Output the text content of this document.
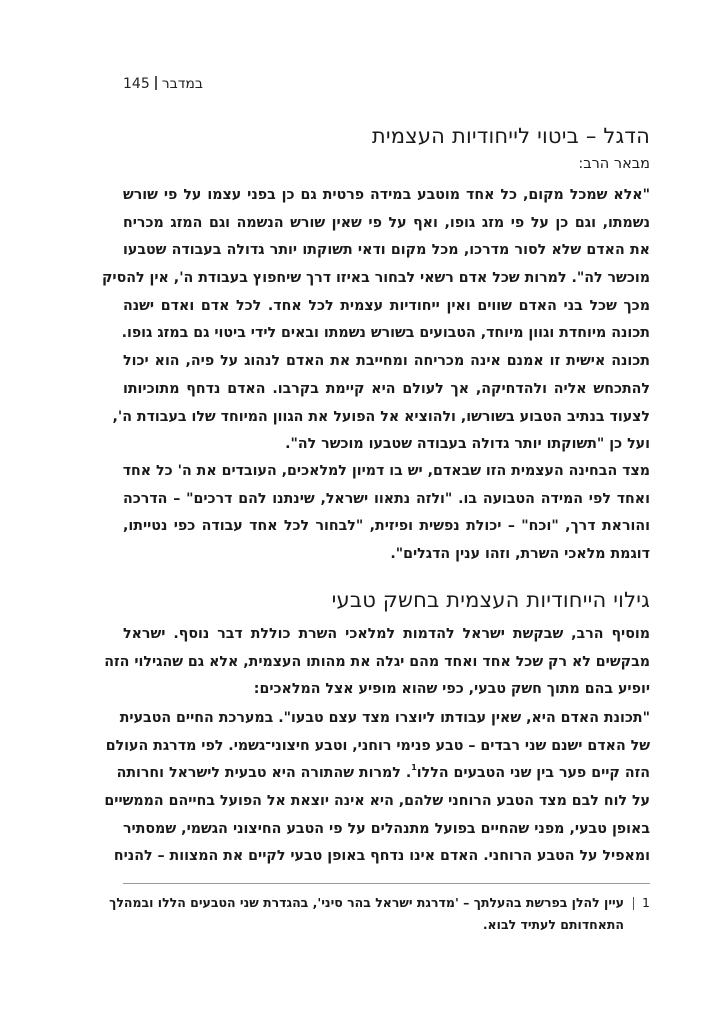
145 במדבר
הדגל – ביטוי לייחודיות העצמית
מבאר הרב:
"אלא שמכל מקום, כל אחד מוטבע במידה פרטית גם כן בפני עצמו על פי שורש
נשמתו, וגם כן על פי מזג גופו, ואף על פי שאין שורש הנשמה וגם המזג מכריח
את האדם שלא לסור מדרכו, מכל מקום ודאי תשוקתו יותר גדולה בעבודה שטבעו
מוכשר לה". למרות שכל אדם רשאי לבחור באיזו דרך שיחפוץ בעבודת ה', אין להסיק
מכך שכל בני האדם שווים ואין ייחודיות עצמית לכל אחד. לכל אדם ואדם ישנה
תכונה מיוחדת וגוון מיוחד, הטבועים בשורש נשמתו ובאים לידי ביטוי גם במזג גופו.
תכונה אישית זו אמנם אינה מכריחה ומחייבת את האדם לנהוג על פיה, הוא יכול
להתכחש אליה ולהדחיקה, אך לעולם היא קיימת בקרבו. האדם נדחף מתוכיותו
לצעוד בנתיב הטבוע בשורשו, ולהוציא אל הפועל את הגוון המיוחד שלו בעבודת ה',
ועל כן "תשוקתו יותר גדולה בעבודה שטבעו מוכשר לה".
מצד הבחינה העצמית הזו שבאדם, יש בו דמיון למלאכים, העובדים את ה' כל אחד
ואחד לפי המידה הטבועה בו. "ולזה נתאוו ישראל, שינתנו להם דרכים" – הדרכה
והוראת דרך, "וכח" – יכולת נפשית ופיזית, "לבחור לכל אחד עבודה כפי נטייתו,
דוגמת מלאכי השרת, וזהו ענין הדגלים".
גילוי הייחודיות העצמית בחשק טבעי
מוסיף הרב, שבקשת ישראל להדמות למלאכי השרת כוללת דבר נוסף. ישראל
מבקשים לא רק שכל אחד ואחד מהם יגלה את מהותו העצמית, אלא גם שהגילוי הזה
יופיע בהם מתוך חשק טבעי, כפי שהוא מופיע אצל המלאכים:
"תכונת האדם היא, שאין עבודתו ליוצרו מצד עצם טבעו". במערכת החיים הטבעית
של האדם ישנם שני רבדים – טבע פנימי רוחני, וטבע חיצוני־גשמי. לפי מדרגת העולם
הזה קיים פער בין שני הטבעים הללו$^1$. למרות שהתורה היא טבעית לישראל וחרותה
על לוח לבם מצד הטבע הרוחני שלהם, היא אינה יוצאת אל הפועל בחייהם הממשיים
באופן טבעי, מפני שהחיים בפועל מתנהלים על פי הטבע החיצוני הגשמי, שמסתיר
ומאפיל על הטבע הרוחני. האדם אינו נדחף באופן טבעי לקיים את המצוות – להניח
1
עיין להלן בפרשת בהעלתך – 'מדרגת ישראל בהר סיני', בהגדרת שני הטבעים הללו ובמהלך
התאחדותם לעתיד לבוא.
